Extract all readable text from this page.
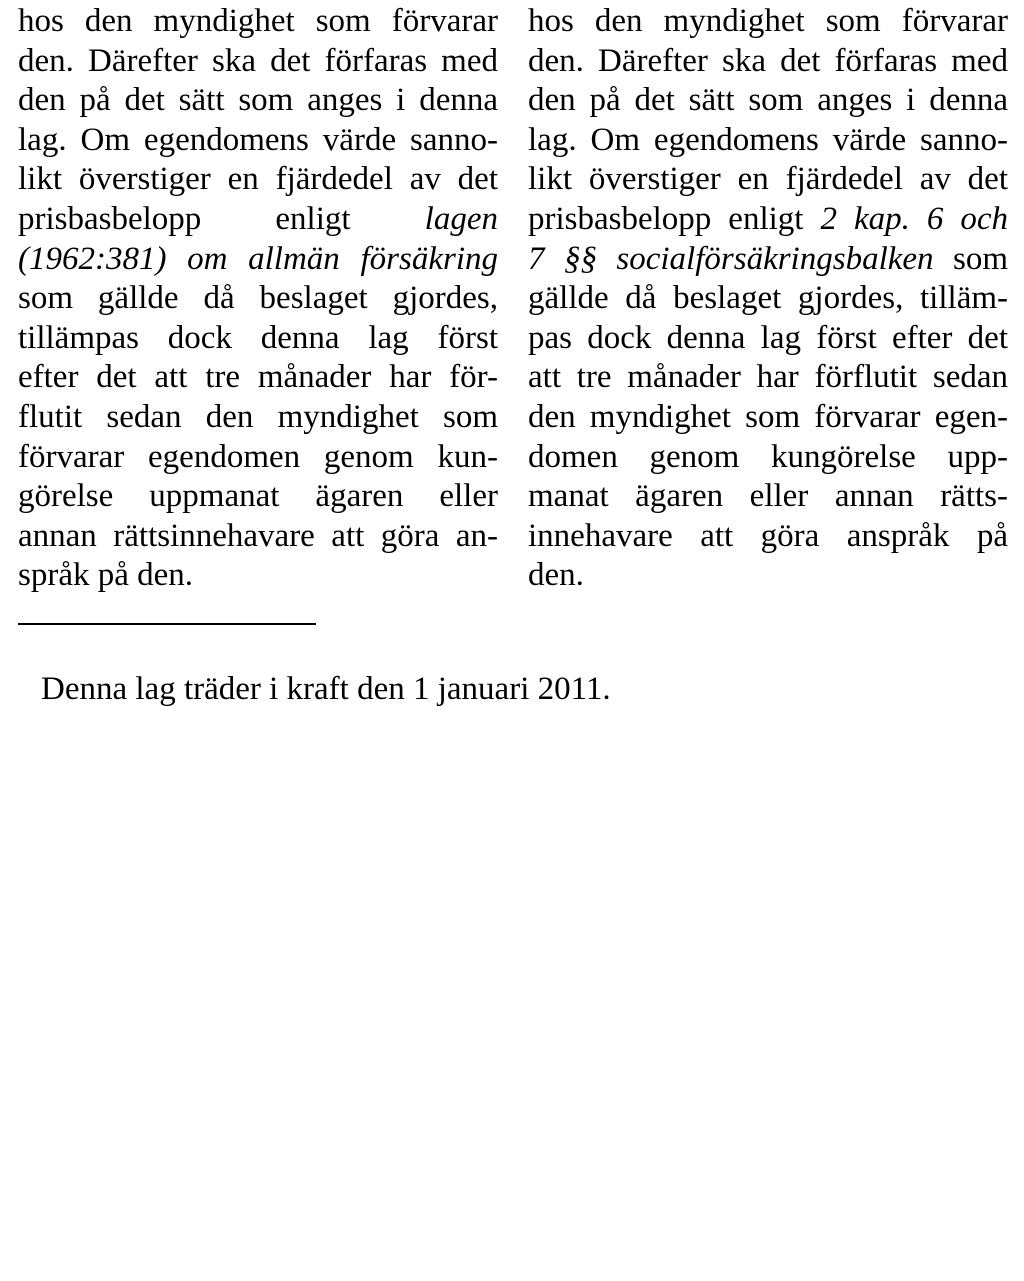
hos den myndighet som förvarar
den. Därefter ska det förfaras med
den på det sätt som anges i denna
lag. Om egendomens värde sanno-
likt överstiger en fjärdedel av det
prisbasbelopp enligt lagen
(1962:381) om allmän försäkring
som gällde då beslaget gjordes,
tillämpas dock denna lag först
efter det att tre månader har för-
flutit sedan den myndighet som
förvarar egendomen genom kun-
görelse uppmanat ägaren eller
annan rättsinnehavare att göra an-
språk på den.
hos den myndighet som förvarar
den. Därefter ska det förfaras med
den på det sätt som anges i denna
lag. Om egendomens värde sanno-
likt överstiger en fjärdedel av det
prisbasbelopp enligt 2 kap. 6 och
7 §§ socialförsäkringsbalken som
gällde då beslaget gjordes, tilläm-
pas dock denna lag först efter det
att tre månader har förflutit sedan
den myndighet som förvarar egen-
domen genom kungörelse upp-
manat ägaren eller annan rätts-
innehavare att göra anspråk på
den.
Denna lag träder i kraft den 1 januari 2011.
